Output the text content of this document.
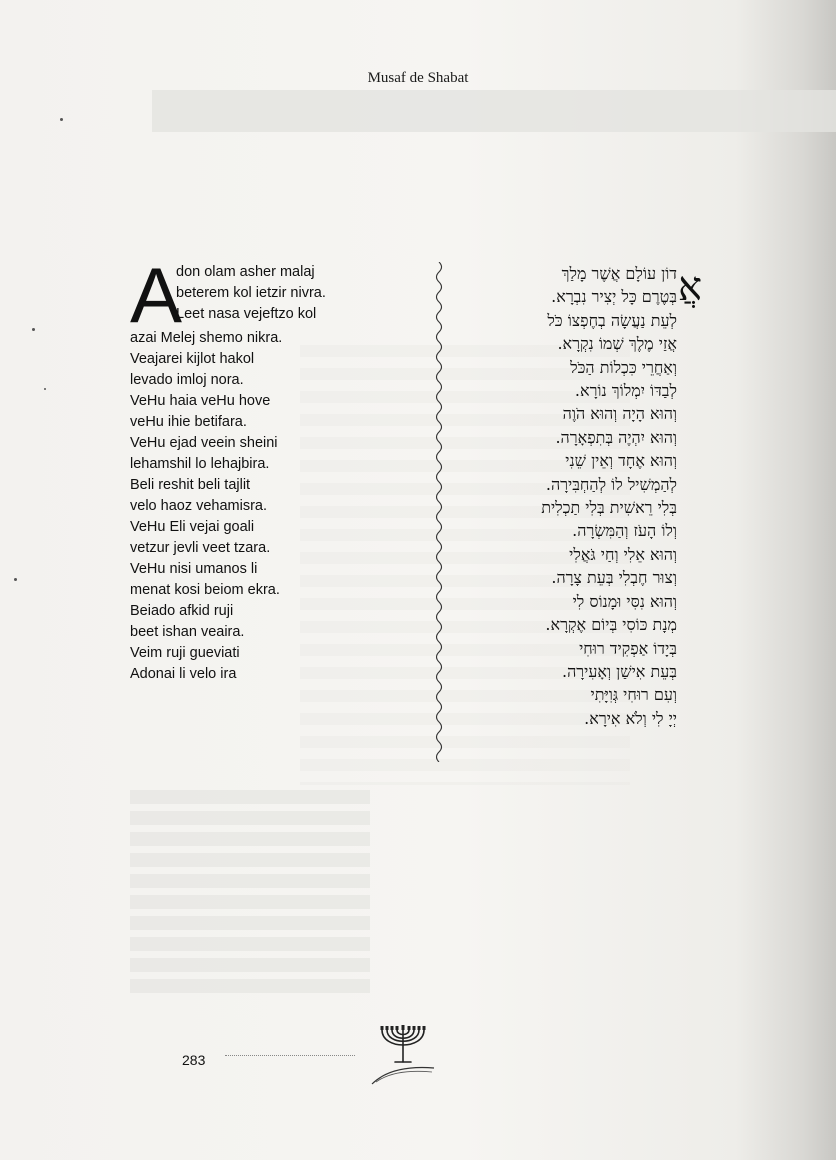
Musaf de Shabat
A
don olam asher malaj
beterem kol ietzir nivra.
Leet nasa vejeftzo kol
azai Melej shemo nikra.
Veajarei kijlot hakol
levado imloj nora.
VeHu haia veHu hove
veHu ihie betifara.
VeHu ejad veein sheini
lehamshil lo lehajbira.
Beli reshit beli tajlit
velo haoz vehamisra.
VeHu Eli vejai goali
vetzur jevli veet tzara.
VeHu nisi umanos li
menat kosi beiom ekra.
Beiado afkid ruji
beet ishan veaira.
Veim ruji gueviati
Adonai li velo ira
אֲ
דוֹן עוֹלָם אֲשֶׁר מָלַךְ
בְּטֶרֶם כָּל יְצִיר נִבְרָא.
לְעֵת נַעֲשָׂה בְחֶפְצוֹ כֹּל
אֲזַי מֶלֶךְ שְׁמוֹ נִקְרָא.
וְאַחֲרֵי כִּכְלוֹת הַכֹּל
לְבַדּוֹ יִמְלוֹךְ נוֹרָא.
וְהוּא הָיָה וְהוּא הֹוֶה
וְהוּא יִהְיֶה בְּתִפְאָרָה.
וְהוּא אֶחָד וְאֵין שֵׁנִי
לְהַמְשִׁיל לוֹ לְהַחְבִּירָה.
בְּלִי רֵאשִׁית בְּלִי תַכְלִית
וְלוֹ הָעֹז וְהַמִּשְׂרָה.
וְהוּא אֵלִי וְחַי גֹּאֲלִי
וְצוּר חֶבְלִי בְּעֵת צָרָה.
וְהוּא נִסִּי וּמָנוֹס לִי
מְנָת כּוֹסִי בְּיוֹם אֶקְרָא.
בְּיָדוֹ אַפְקִיד רוּחִי
בְּעֵת אִישַׁן וְאָעִירָה.
וְעִם רוּחִי גְּוִיָּתִי
יְיָ לִי וְלֹא אִירָא.
283
